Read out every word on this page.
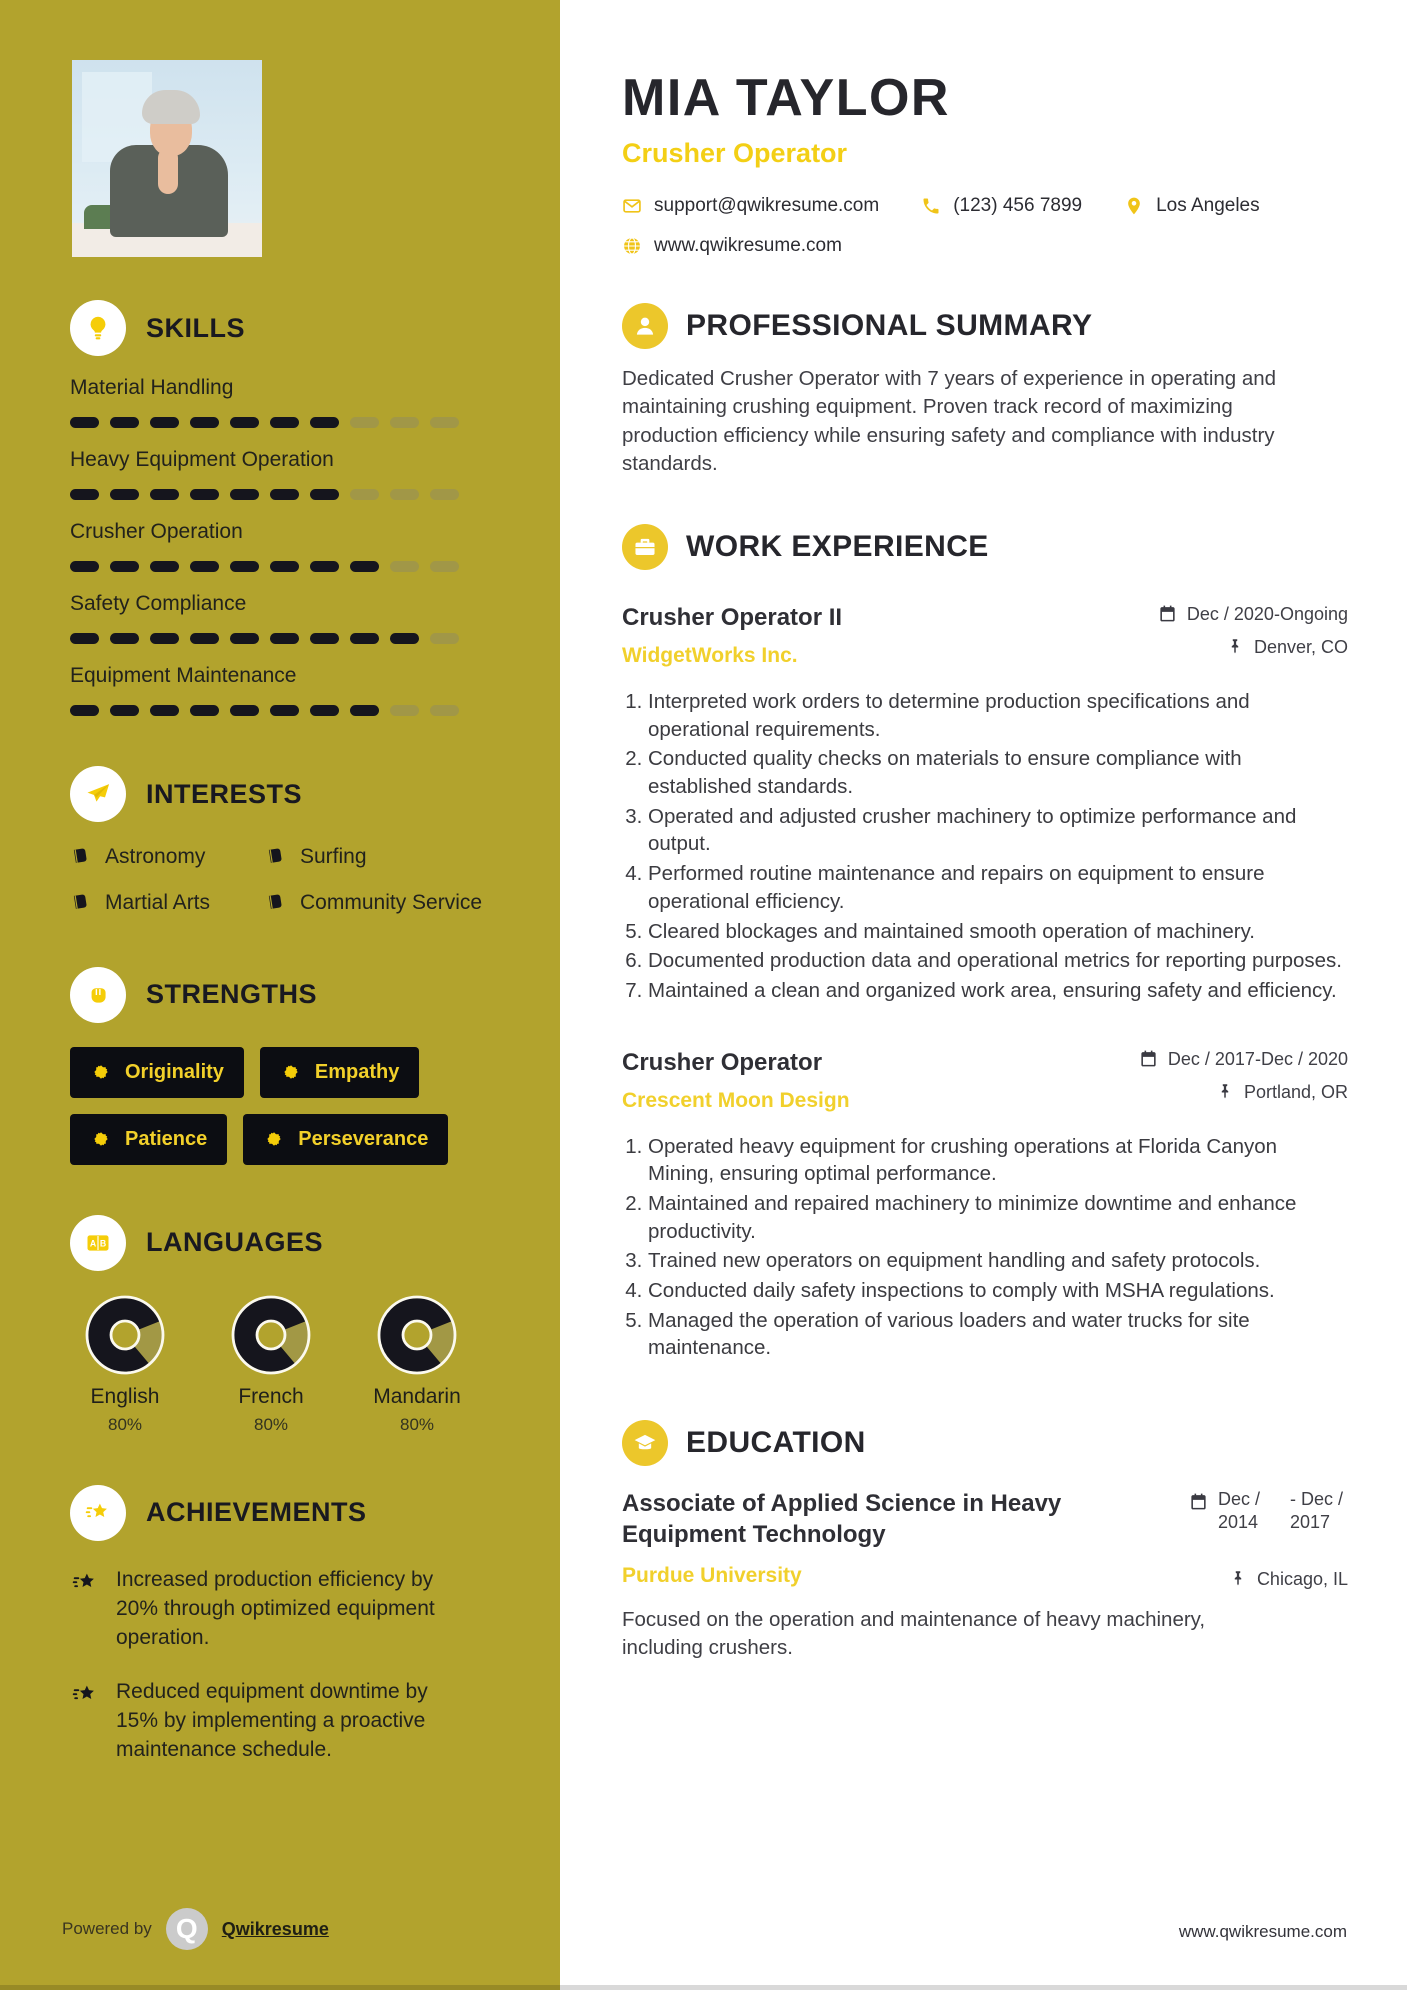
SKILLS
Material Handling
Heavy Equipment Operation
Crusher Operation
Safety Compliance
Equipment Maintenance
INTERESTS
Astronomy	Surfing
Martial Arts	Community Service
STRENGTHS
Originality	Empathy
Patience	Perseverance
A B LANGUAGES
English
80%
French
80%
Mandarin
80%
ACHIEVEMENTS
Increased production efficiency by 20% through optimized equipment operation.
Reduced equipment downtime by 15% by implementing a proactive maintenance schedule.
Powered by Q	Qwikresume
MIA TAYLOR
Crusher Operator
support@qwikresume.com	(123) 456 7899	Los Angeles
www.qwikresume.com
PROFESSIONAL SUMMARY
Dedicated Crusher Operator with 7 years of experience in operating and maintaining crushing equipment. Proven track record of maximizing production efficiency while ensuring safety and compliance with industry standards.
WORK EXPERIENCE
Crusher Operator II
WidgetWorks Inc.
Dec / 2020-Ongoing
Denver, CO
1. Interpreted work orders to determine production specifications and operational requirements.
2. Conducted quality checks on materials to ensure compliance with established standards.
3. Operated and adjusted crusher machinery to optimize performance and output.
4. Performed routine maintenance and repairs on equipment to ensure operational efficiency.
5. Cleared blockages and maintained smooth operation of machinery.
6. Documented production data and operational metrics for reporting purposes.
7. Maintained a clean and organized work area, ensuring safety and efficiency.
Crusher Operator
Crescent Moon Design
Dec / 2017-Dec / 2020
Portland, OR
1. Operated heavy equipment for crushing operations at Florida Canyon Mining, ensuring optimal performance.
2. Maintained and repaired machinery to minimize downtime and enhance productivity.
3. Trained new operators on equipment handling and safety protocols.
4. Conducted daily safety inspections to comply with MSHA regulations.
5. Managed the operation of various loaders and water trucks for site maintenance.
EDUCATION
Associate of Applied Science in Heavy Equipment Technology
Purdue University
Dec / 2014
- Dec / 2017
Chicago, IL
Focused on the operation and maintenance of heavy machinery, including crushers.
www.qwikresume.com
